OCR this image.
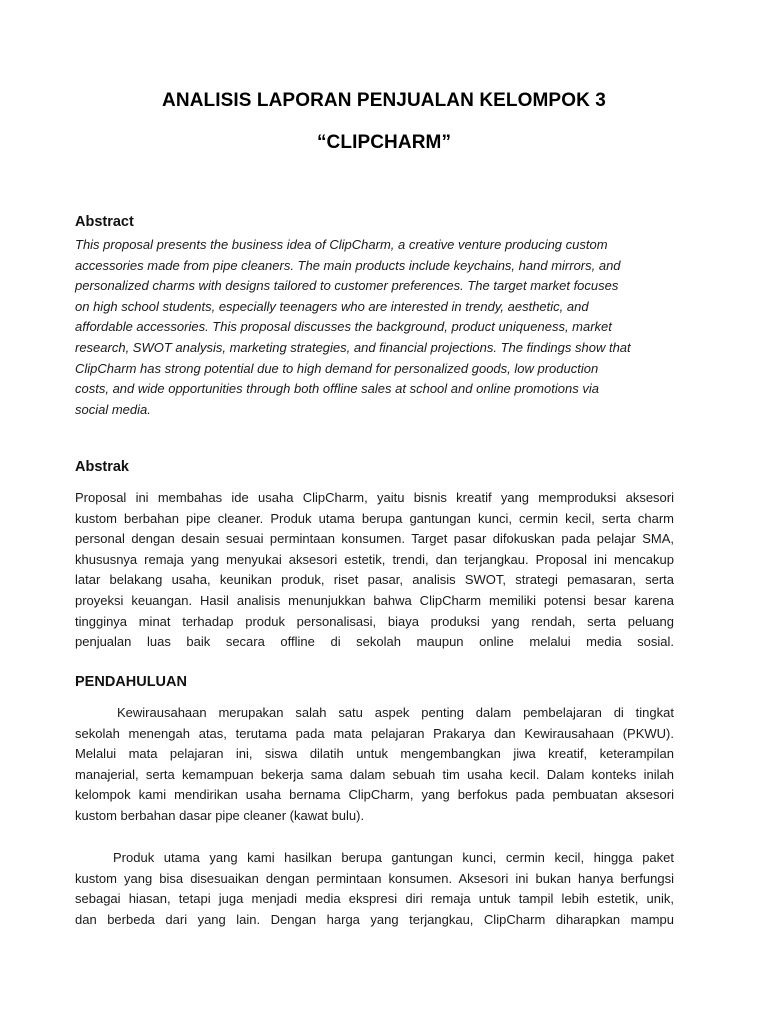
ANALISIS LAPORAN PENJUALAN KELOMPOK 3
“CLIPCHARM”
Abstract
This proposal presents the business idea of ClipCharm, a creative venture producing custom
accessories made from pipe cleaners. The main products include keychains, hand mirrors, and
personalized charms with designs tailored to customer preferences. The target market focuses
on high school students, especially teenagers who are interested in trendy, aesthetic, and
affordable accessories. This proposal discusses the background, product uniqueness, market
research, SWOT analysis, marketing strategies, and financial projections. The findings show that
ClipCharm has strong potential due to high demand for personalized goods, low production
costs, and wide opportunities through both offline sales at school and online promotions via
social media.
Abstrak
Proposal ini membahas ide usaha ClipCharm, yaitu bisnis kreatif yang memproduksi aksesori
kustom berbahan pipe cleaner. Produk utama berupa gantungan kunci, cermin kecil, serta charm
personal dengan desain sesuai permintaan konsumen. Target pasar difokuskan pada pelajar SMA,
khususnya remaja yang menyukai aksesori estetik, trendi, dan terjangkau. Proposal ini mencakup
latar belakang usaha, keunikan produk, riset pasar, analisis SWOT, strategi pemasaran, serta
proyeksi keuangan. Hasil analisis menunjukkan bahwa ClipCharm memiliki potensi besar karena
tingginya minat terhadap produk personalisasi, biaya produksi yang rendah, serta peluang
penjualan luas baik secara offline di sekolah maupun online melalui media sosial.
PENDAHULUAN
Kewirausahaan merupakan salah satu aspek penting dalam pembelajaran di tingkat
sekolah menengah atas, terutama pada mata pelajaran Prakarya dan Kewirausahaan (PKWU).
Melalui mata pelajaran ini, siswa dilatih untuk mengembangkan jiwa kreatif, keterampilan
manajerial, serta kemampuan bekerja sama dalam sebuah tim usaha kecil. Dalam konteks inilah
kelompok kami mendirikan usaha bernama ClipCharm, yang berfokus pada pembuatan aksesori
kustom berbahan dasar pipe cleaner (kawat bulu).
Produk utama yang kami hasilkan berupa gantungan kunci, cermin kecil, hingga paket
kustom yang bisa disesuaikan dengan permintaan konsumen. Aksesori ini bukan hanya berfungsi
sebagai hiasan, tetapi juga menjadi media ekspresi diri remaja untuk tampil lebih estetik, unik,
dan berbeda dari yang lain. Dengan harga yang terjangkau, ClipCharm diharapkan mampu
